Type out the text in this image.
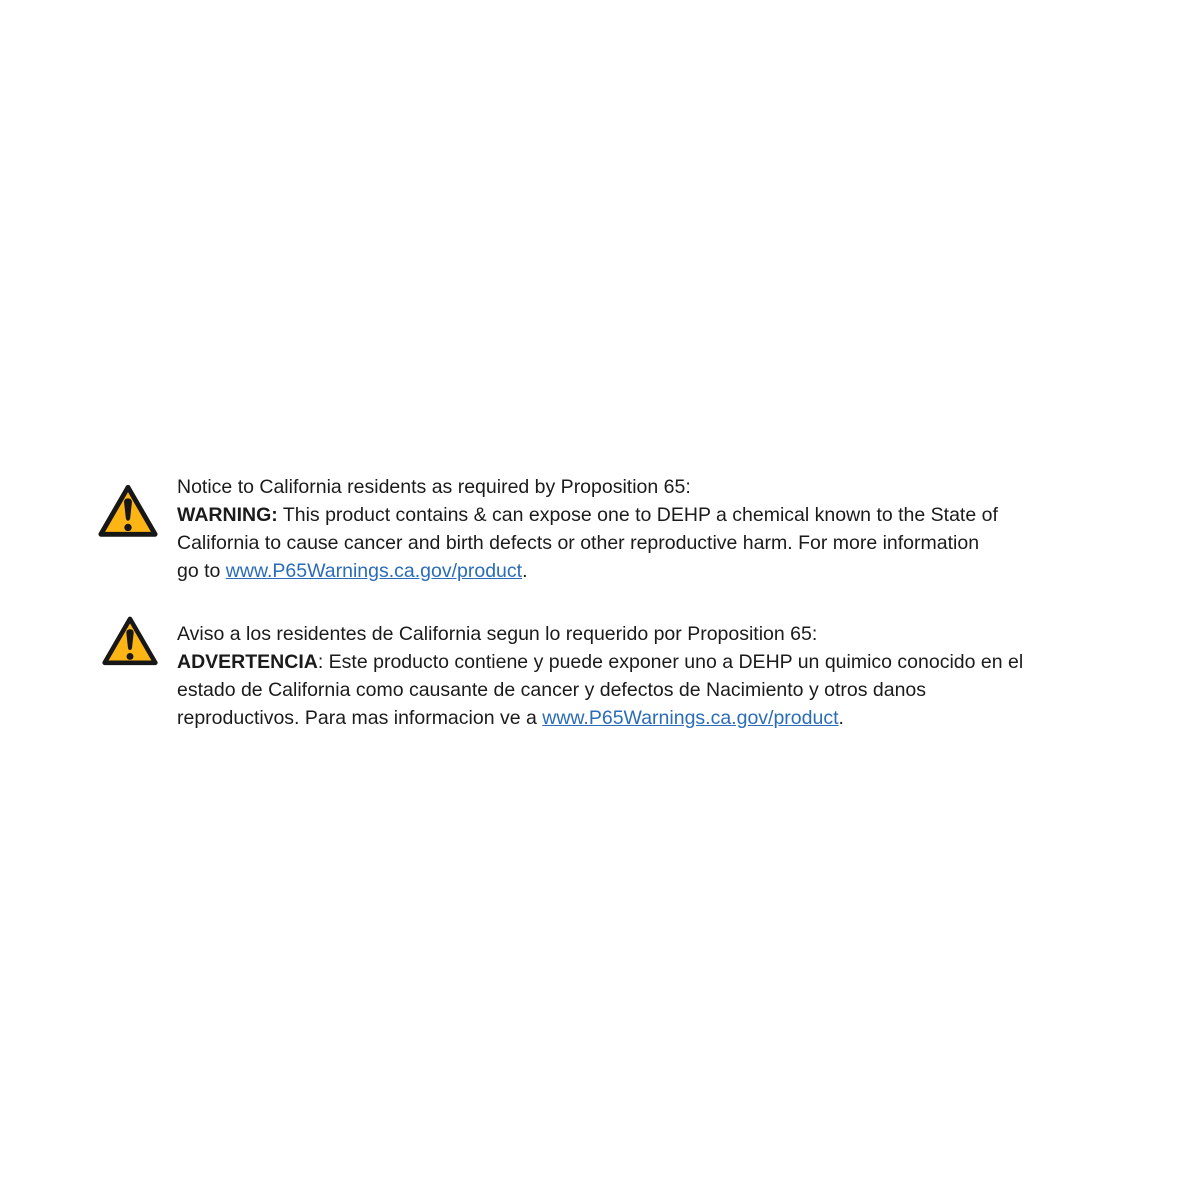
Notice to California residents as required by Proposition 65:
WARNING: This product contains & can expose one to DEHP a chemical known to the State of
California to cause cancer and birth defects or other reproductive harm. For more information
go to www.P65Warnings.ca.gov/product.
Aviso a los residentes de California segun lo requerido por Proposition 65:
ADVERTENCIA: Este producto contiene y puede exponer uno a DEHP un quimico conocido en el
estado de California como causante de cancer y defectos de Nacimiento y otros danos
reproductivos. Para mas informacion ve a www.P65Warnings.ca.gov/product.
